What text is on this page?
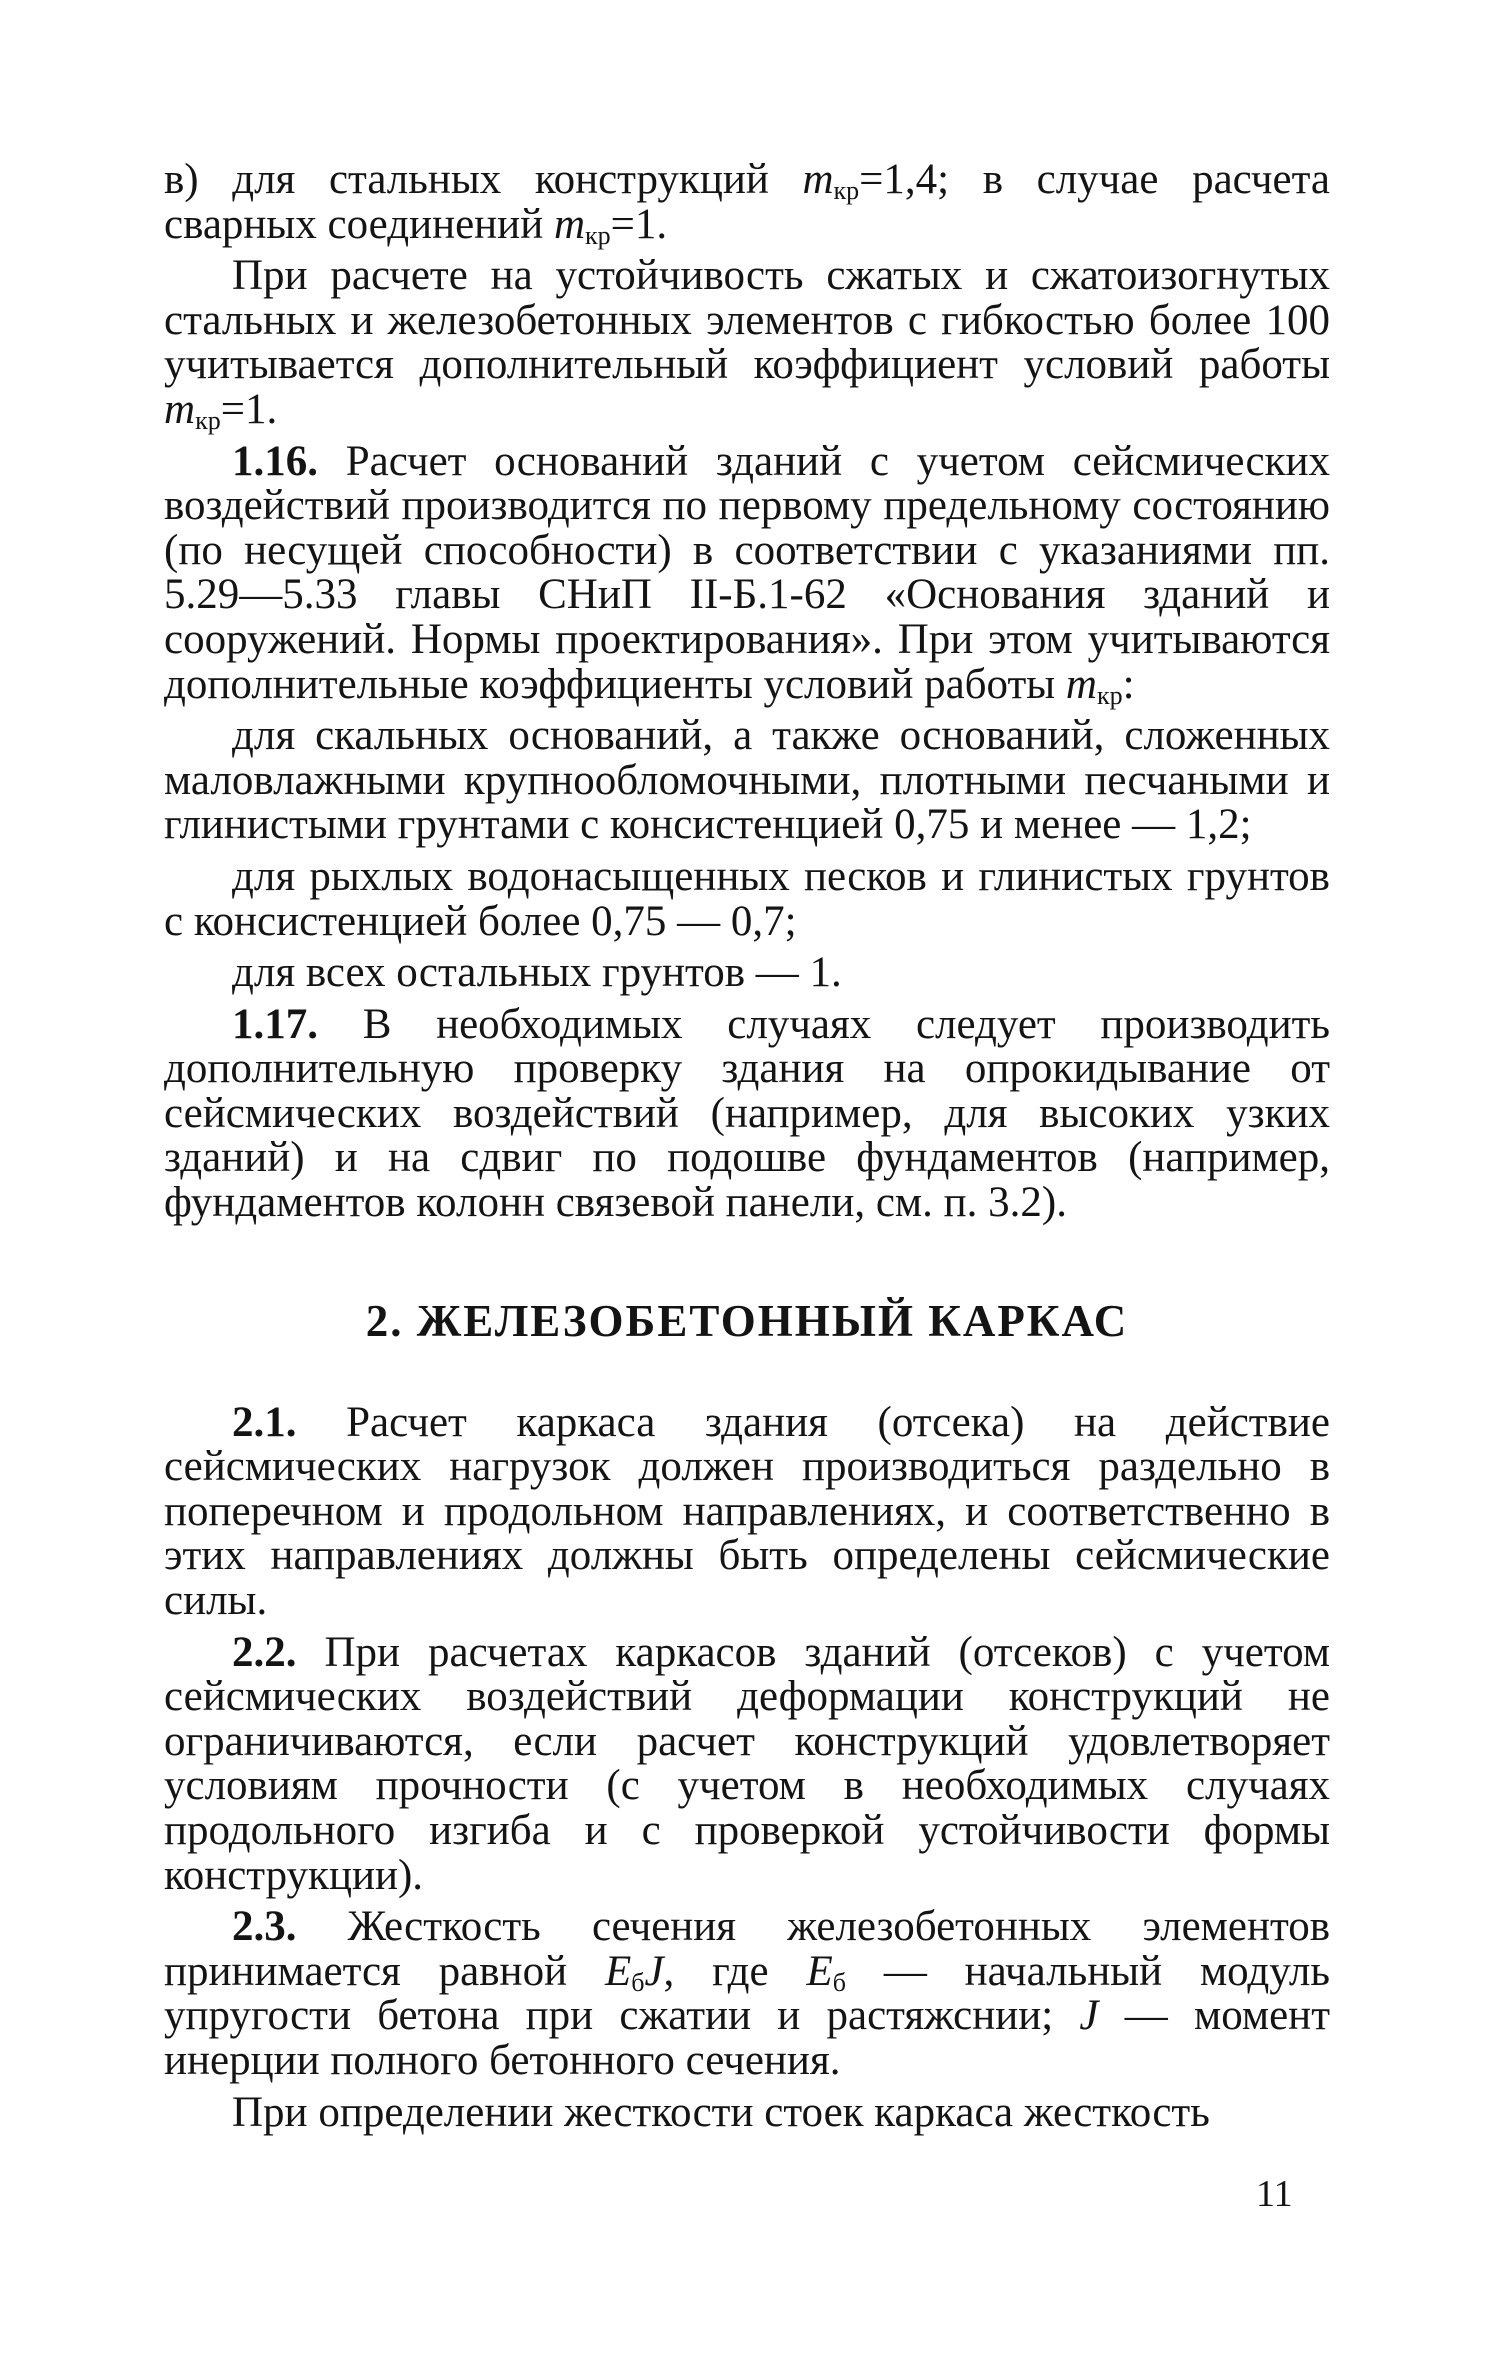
в) для стальных конструкций $m_{кр}=1,4$; в случае расчета сварных соединений $m_{кр}=1$.

При расчете на устойчивость сжатых и сжатоизогнутых стальных и железобетонных элементов с гибкостью более 100 учитывается дополнительный коэффициент условий работы $m_{кр}=1$.

1.16. Расчет оснований зданий с учетом сейсмических воздействий производится по первому предельному состоянию (по несущей способности) в соответствии с указаниями пп. 5.29—5.33 главы СНиП II-Б.1-62 «Основания зданий и сооружений. Нормы проектирования». При этом учитываются дополнительные коэффициенты условий работы $m_{кр}$:

для скальных оснований, а также оснований, сложенных маловлажными крупнообломочными, плотными песчаными и глинистыми грунтами с консистенцией 0,75 и менее — 1,2;

для рыхлых водонасыщенных песков и глинистых грунтов с консистенцией более 0,75 — 0,7;

для всех остальных грунтов — 1.

1.17. В необходимых случаях следует производить дополнительную проверку здания на опрокидывание от сейсмических воздействий (например, для высоких узких зданий) и на сдвиг по подошве фундаментов (например, фундаментов колонн связевой панели, см. п. 3.2).

2. ЖЕЛЕЗОБЕТОННЫЙ КАРКАС

2.1. Расчет каркаса здания (отсека) на действие сейсмических нагрузок должен производиться раздельно в поперечном и продольном направлениях, и соответственно в этих направлениях должны быть определены сейсмические силы.

2.2. При расчетах каркасов зданий (отсеков) с учетом сейсмических воздействий деформации конструкций не ограничиваются, если расчет конструкций удовлетворяет условиям прочности (с учетом в необходимых случаях продольного изгиба и с проверкой устойчивости формы конструкции).

2.3. Жесткость сечения железобетонных элементов принимается равной $E_бJ$, где $E_б$ — начальный модуль упругости бетона при сжатии и растяжснии; J — момент инерции полного бетонного сечения.

При определении жесткости стоек каркаса жесткость

11
